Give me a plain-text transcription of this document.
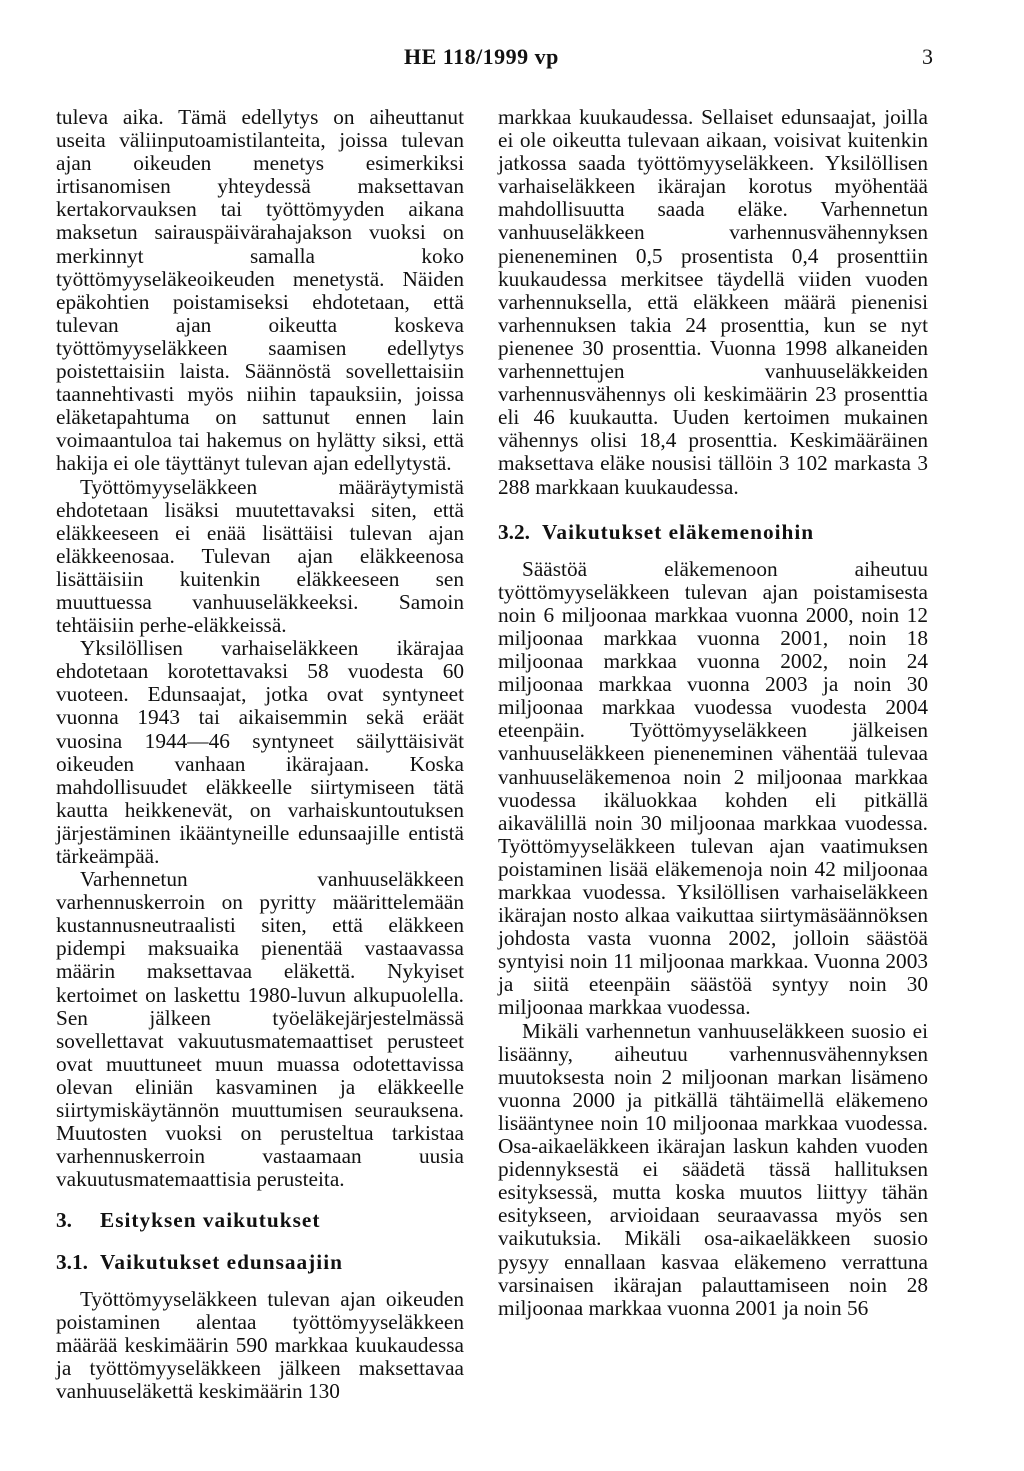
HE 118/1999 vp	3

tuleva aika. Tämä edellytys on aiheuttanut useita väliinputoamistilanteita, joissa tulevan ajan oikeuden menetys esimerkiksi irtisanomisen yhteydessä maksettavan kertakorvauksen tai työttömyyden aikana maksetun sairauspäivärahajakson vuoksi on merkinnyt samalla koko työttömyyseläkeoikeuden menetystä. Näiden epäkohtien poistamiseksi ehdotetaan, että tulevan ajan oikeutta koskeva työttömyyseläkkeen saamisen edellytys poistettaisiin laista. Säännöstä sovellettaisiin taannehtivasti myös niihin tapauksiin, joissa eläketapahtuma on sattunut ennen lain voimaantuloa tai hakemus on hylätty siksi, että hakija ei ole täyttänyt tulevan ajan edellytystä.

Työttömyyseläkkeen määräytymistä ehdotetaan lisäksi muutettavaksi siten, että eläkkeeseen ei enää lisättäisi tulevan ajan eläkkeenosaa. Tulevan ajan eläkkeenosa lisättäisiin kuitenkin eläkkeeseen sen muuttuessa vanhuuseläkkeeksi. Samoin tehtäisiin perhe-eläkkeissä.

Yksilöllisen varhaiseläkkeen ikärajaa ehdotetaan korotettavaksi 58 vuodesta 60 vuoteen. Edunsaajat, jotka ovat syntyneet vuonna 1943 tai aikaisemmin sekä eräät vuosina 1944—46 syntyneet säilyttäisivät oikeuden vanhaan ikärajaan. Koska mahdollisuudet eläkkeelle siirtymiseen tätä kautta heikkenevät, on varhaiskuntoutuksen järjestäminen ikääntyneille edunsaajille entistä tärkeämpää.

Varhennetun vanhuuseläkkeen varhennuskerroin on pyritty määrittelemään kustannusneutraalisti siten, että eläkkeen pidempi maksuaika pienentää vastaavassa määrin maksettavaa eläkettä. Nykyiset kertoimet on laskettu 1980-luvun alkupuolella. Sen jälkeen työeläkejärjestelmässä sovellettavat vakuutusmatemaattiset perusteet ovat muuttuneet muun muassa odotettavissa olevan eliniän kasvaminen ja eläkkeelle siirtymiskäytännön muuttumisen seurauksena. Muutosten vuoksi on perusteltua tarkistaa varhennuskerroin vastaamaan uusia vakuutusmatemaattisia perusteita.

3.	Esityksen vaikutukset
3.1. Vaikutukset edunsaajiin

Työttömyyseläkkeen tulevan ajan oikeuden poistaminen alentaa työttömyyseläkkeen määrää keskimäärin 590 markkaa kuukaudessa ja työttömyyseläkkeen jälkeen maksettavaa vanhuuseläkettä keskimäärin 130

markkaa kuukaudessa. Sellaiset edunsaajat, joilla ei ole oikeutta tulevaan aikaan, voisivat kuitenkin jatkossa saada työttömyyseläkkeen. Yksilöllisen varhaiseläkkeen ikärajan korotus myöhentää mahdollisuutta saada eläke. Varhennetun vanhuuseläkkeen varhennusvähennyksen pieneneminen 0,5 prosentista 0,4 prosenttiin kuukaudessa merkitsee täydellä viiden vuoden varhennuksella, että eläkkeen määrä pienenisi varhennuksen takia 24 prosenttia, kun se nyt pienenee 30 prosenttia. Vuonna 1998 alkaneiden varhennettujen vanhuuseläkkeiden varhennusvähennys oli keskimäärin 23 prosenttia eli 46 kuukautta. Uuden kertoimen mukainen vähennys olisi 18,4 prosenttia. Keskimääräinen maksettava eläke nousisi tällöin 3 102 markasta 3 288 markkaan kuukaudessa.

3.2. Vaikutukset eläkemenoihin

Säästöä eläkemenoon aiheutuu työttömyyseläkkeen tulevan ajan poistamisesta noin 6 miljoonaa markkaa vuonna 2000, noin 12 miljoonaa markkaa vuonna 2001, noin 18 miljoonaa markkaa vuonna 2002, noin 24 miljoonaa markkaa vuonna 2003 ja noin 30 miljoonaa markkaa vuodessa vuodesta 2004 eteenpäin. Työttömyyseläkkeen jälkeisen vanhuuseläkkeen pieneneminen vähentää tulevaa vanhuuseläkemenoa noin 2 miljoonaa markkaa vuodessa ikäluokkaa kohden eli pitkällä aikavälillä noin 30 miljoonaa markkaa vuodessa. Työttömyyseläkkeen tulevan ajan vaatimuksen poistaminen lisää eläkemenoja noin 42 miljoonaa markkaa vuodessa. Yksilöllisen varhaiseläkkeen ikärajan nosto alkaa vaikuttaa siirtymäsäännöksen johdosta vasta vuonna 2002, jolloin säästöä syntyisi noin 11 miljoonaa markkaa. Vuonna 2003 ja siitä eteenpäin säästöä syntyy noin 30 miljoonaa markkaa vuodessa.

Mikäli varhennetun vanhuuseläkkeen suosio ei lisäänny, aiheutuu varhennusvähennyksen muutoksesta noin 2 miljoonan markan lisämeno vuonna 2000 ja pitkällä tähtäimellä eläkemeno lisääntynee noin 10 miljoonaa markkaa vuodessa. Osa-aikaeläkkeen ikärajan laskun kahden vuoden pidennyksestä ei säädetä tässä hallituksen esityksessä, mutta koska muutos liittyy tähän esitykseen, arvioidaan seuraavassa myös sen vaikutuksia. Mikäli osa-aikaeläkkeen suosio pysyy ennallaan kasvaa eläkemeno verrattuna varsinaisen ikärajan palauttamiseen noin 28 miljoonaa markkaa vuonna 2001 ja noin 56
